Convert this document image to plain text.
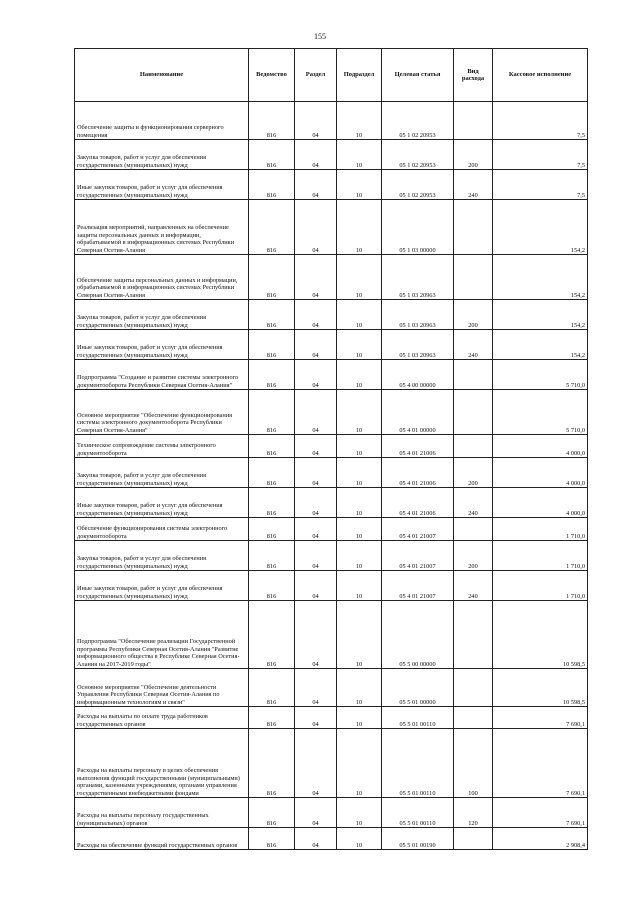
155
Наименование	Ведомство	Раздел	Подраздел	Целевая статья	Вид расхода	Кассовое исполнение
Обеспечение защиты и функционирования серверного помещения	816	04	10	05 1 02 20953		7,5
Закупка товаров, работ и услуг для обеспечения государственных (муниципальных) нужд	816	04	10	05 1 02 20953	200	7,5
Иные закупки товаров, работ и услуг для обеспечения государственных (муниципальных) нужд	816	04	10	05 1 02 20953	240	7,5
Реализация мероприятий, направленных на обеспечение защиты персональных данных и информации, обрабатываемой в информационных системах Республики Северная Осетия-Алания	816	04	10	05 1 03 00000		154,2
Обеспечение защиты персональных данных и информации, обрабатываемой в информационных системах Республики Северная Осетия-Алания	816	04	10	05 1 03 20963		154,2
Закупка товаров, работ и услуг для обеспечения государственных (муниципальных) нужд	816	04	10	05 1 03 20963	200	154,2
Иные закупки товаров, работ и услуг для обеспечения государственных (муниципальных) нужд	816	04	10	05 1 03 20963	240	154,2
Подпрограмма "Создание и развитие системы электронного документооборота Республики Северная Осетия-Алания"	816	04	10	05 4 00 00000		5 710,0
Основное мероприятие "Обеспечение функционирования системы электронного документооборота Республики Северная Осетия-Алания"	816	04	10	05 4 01 00000		5 710,0
Техническое сопровождение системы электронного документооборота	816	04	10	05 4 01 21006		4 000,0
Закупка товаров, работ и услуг для обеспечения государственных (муниципальных) нужд	816	04	10	05 4 01 21006	200	4 000,0
Иные закупки товаров, работ и услуг для обеспечения государственных (муниципальных) нужд	816	04	10	05 4 01 21006	240	4 000,0
Обеспечение функционирования системы электронного документооборота	816	04	10	05 4 01 21007		1 710,0
Закупка товаров, работ и услуг для обеспечения государственных (муниципальных) нужд	816	04	10	05 4 01 21007	200	1 710,0
Иные закупки товаров, работ и услуг для обеспечения государственных (муниципальных) нужд	816	04	10	05 4 01 21007	240	1 710,0
Подпрограмма "Обеспечение реализации Государственной программы Республики Северная Осетия-Алания "Развитие информационного общества в Республике Северная Осетия-Алания на 2017-2019 годы"	816	04	10	05 5 00 00000		10 598,5
Основное мероприятие "Обеспечение деятельности Управления Республики Северная Осетия-Алания по информационным технологиям и связи"	816	04	10	05 5 01 00000		10 598,5
Расходы на выплаты по оплате труда работников государственных органов	816	04	10	05 5 01 00110		7 690,1
Расходы на выплаты персоналу в целях обеспечения выполнения функций государственными (муниципальными) органами, казенными учреждениями, органами управления государственными внебюджетными фондами	816	04	10	05 5 01 00110	100	7 690,1
Расходы на выплаты персоналу государственных (муниципальных) органов	816	04	10	05 5 01 00110	120	7 690,1
Расходы на обеспечение функций государственных органов	816	04	10	05 5 01 00190		2 908,4
